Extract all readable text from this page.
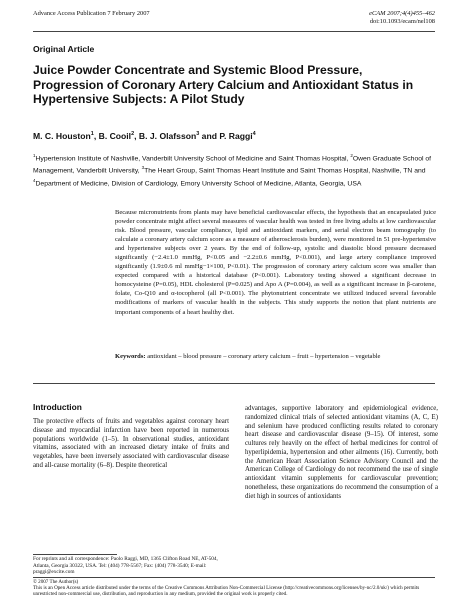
Advance Access Publication 7 February 2007	eCAM 2007;4(4)455–462
doi:10.1093/ecam/nel108
Original Article
Juice Powder Concentrate and Systemic Blood Pressure, Progression of Coronary Artery Calcium and Antioxidant Status in Hypertensive Subjects: A Pilot Study
M. C. Houston$^1$, B. Cooil$^2$, B. J. Olafsson$^3$ and P. Raggi$^4$
$^1$Hypertension Institute of Nashville, Vanderbilt University School of Medicine and Saint Thomas Hospital, $^2$Owen Graduate School of Management, Vanderbilt University, $^3$The Heart Group, Saint Thomas Heart Institute and Saint Thomas Hospital, Nashville, TN and $^4$Department of Medicine, Division of Cardiology, Emory University School of Medicine, Atlanta, Georgia, USA

Because micronutrients from plants may have beneficial cardiovascular effects, the hypothesis that an encapsulated juice powder concentrate might affect several measures of vascular health was tested in free living adults at low cardiovascular risk. Blood pressure, vascular compliance, lipid and antioxidant markers, and serial electron beam tomography (to calculate a coronary artery calcium score as a measure of atherosclerosis burden), were monitored in 51 pre-hypertensive and hypertensive subjects over 2 years. By the end of follow-up, systolic and diastolic blood pressure decreased significantly (−2.4±1.0 mmHg, P<0.05 and −2.2±0.6 mmHg, P<0.001), and large artery compliance improved significantly (1.9±0.6 ml mmHg−1×100, P<0.01). The progression of coronary artery calcium score was smaller than expected compared with a historical database (P<0.001). Laboratory testing showed a significant decrease in homocysteine (P=0.05), HDL cholesterol (P=0.025) and Apo A (P=0.004), as well as a significant increase in β-carotene, folate, Co-Q10 and α-tocopherol (all P<0.001). The phytonutrient concentrate we utilized induced several favorable modifications of markers of vascular health in the subjects. This study supports the notion that plant nutrients are important components of a heart healthy diet.

Keywords: antioxidant – blood pressure – coronary artery calcium – fruit – hypertension – vegetable

Introduction

The protective effects of fruits and vegetables against coronary heart disease and myocardial infarction have been reported in numerous populations worldwide (1–5). In observational studies, antioxidant vitamins, associated with an increased dietary intake of fruits and vegetables, have been inversely associated with cardiovascular disease and all-cause mortality (6–8). Despite theoretical

advantages, supportive laboratory and epidemiological evidence, randomized clinical trials of selected antioxidant vitamins (A, C, E) and selenium have produced conflicting results related to coronary heart disease and cardiovascular disease (9–15). Of interest, some cultures rely heavily on the effect of herbal medicines for control of hyperlipidemia, hypertension and other ailments (16). Currently, both the American Heart Association Science Advisory Council and the American College of Cardiology do not recommend the use of single antioxidant vitamin supplements for cardiovascular prevention; nonetheless, these organizations do recommend the consumption of a diet high in sources of antioxidants

For reprints and all correspondence: Paolo Raggi, MD, 1365 Clifton Road NE, AT-504, Atlanta, Georgia 30322, USA. Tel: (404) 778-5567; Fax: (404) 778-3540; E-mail: praggi@excite.com

© 2007 The Author(s)
This is an Open Access article distributed under the terms of the Creative Commons Attribution Non-Commercial License (http://creativecommons.org/licenses/by-nc/2.0/uk/) which permits unrestricted non-commercial use, distribution, and reproduction in any medium, provided the original work is properly cited.
